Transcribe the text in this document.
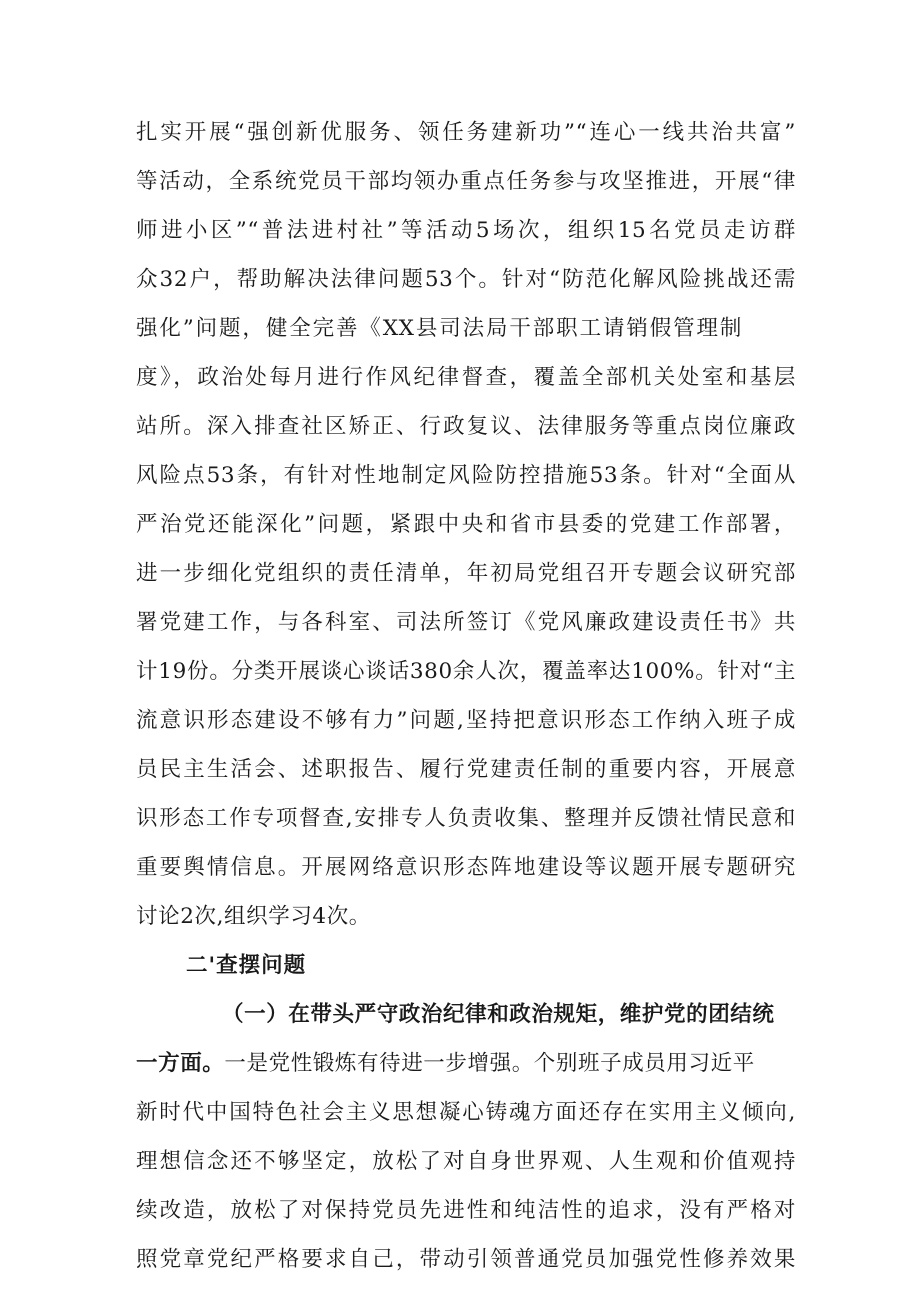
扎实开展“强创新优服务、领任务建新功”“连心一线共治共富”
等活动，全系统党员干部均领办重点任务参与攻坚推进，开展“律
师进小区”“普法进村社”等活动5场次，组织15名党员走访群
众32户，帮助解决法律问题53个。针对“防范化解风险挑战还需
强化”问题，健全完善《XX县司法局干部职工请销假管理制
度》，政治处每月进行作风纪律督查，覆盖全部机关处室和基层
站所。深入排查社区矫正、行政复议、法律服务等重点岗位廉政
风险点53条，有针对性地制定风险防控措施53条。针对“全面从
严治党还能深化”问题，紧跟中央和省市县委的党建工作部署，
进一步细化党组织的责任清单，年初局党组召开专题会议研究部
署党建工作，与各科室、司法所签订《党风廉政建设责任书》共
计19份。分类开展谈心谈话380余人次，覆盖率达100%。针对“主
流意识形态建设不够有力”问题,坚持把意识形态工作纳入班子成
员民主生活会、述职报告、履行党建责任制的重要内容，开展意
识形态工作专项督查,安排专人负责收集、整理并反馈社情民意和
重要舆情信息。开展网络意识形态阵地建设等议题开展专题研究
讨论2次,组织学习4次。
二'查摆问题
（一）在带头严守政治纪律和政治规矩，维护党的团结统
一方面。一是党性锻炼有待进一步增强。个别班子成员用习近平
新时代中国特色社会主义思想凝心铸魂方面还存在实用主义倾向,
理想信念还不够坚定，放松了对自身世界观、人生观和价值观持
续改造，放松了对保持党员先进性和纯洁性的追求，没有严格对
照党章党纪严格要求自己，带动引领普通党员加强党性修养效果
